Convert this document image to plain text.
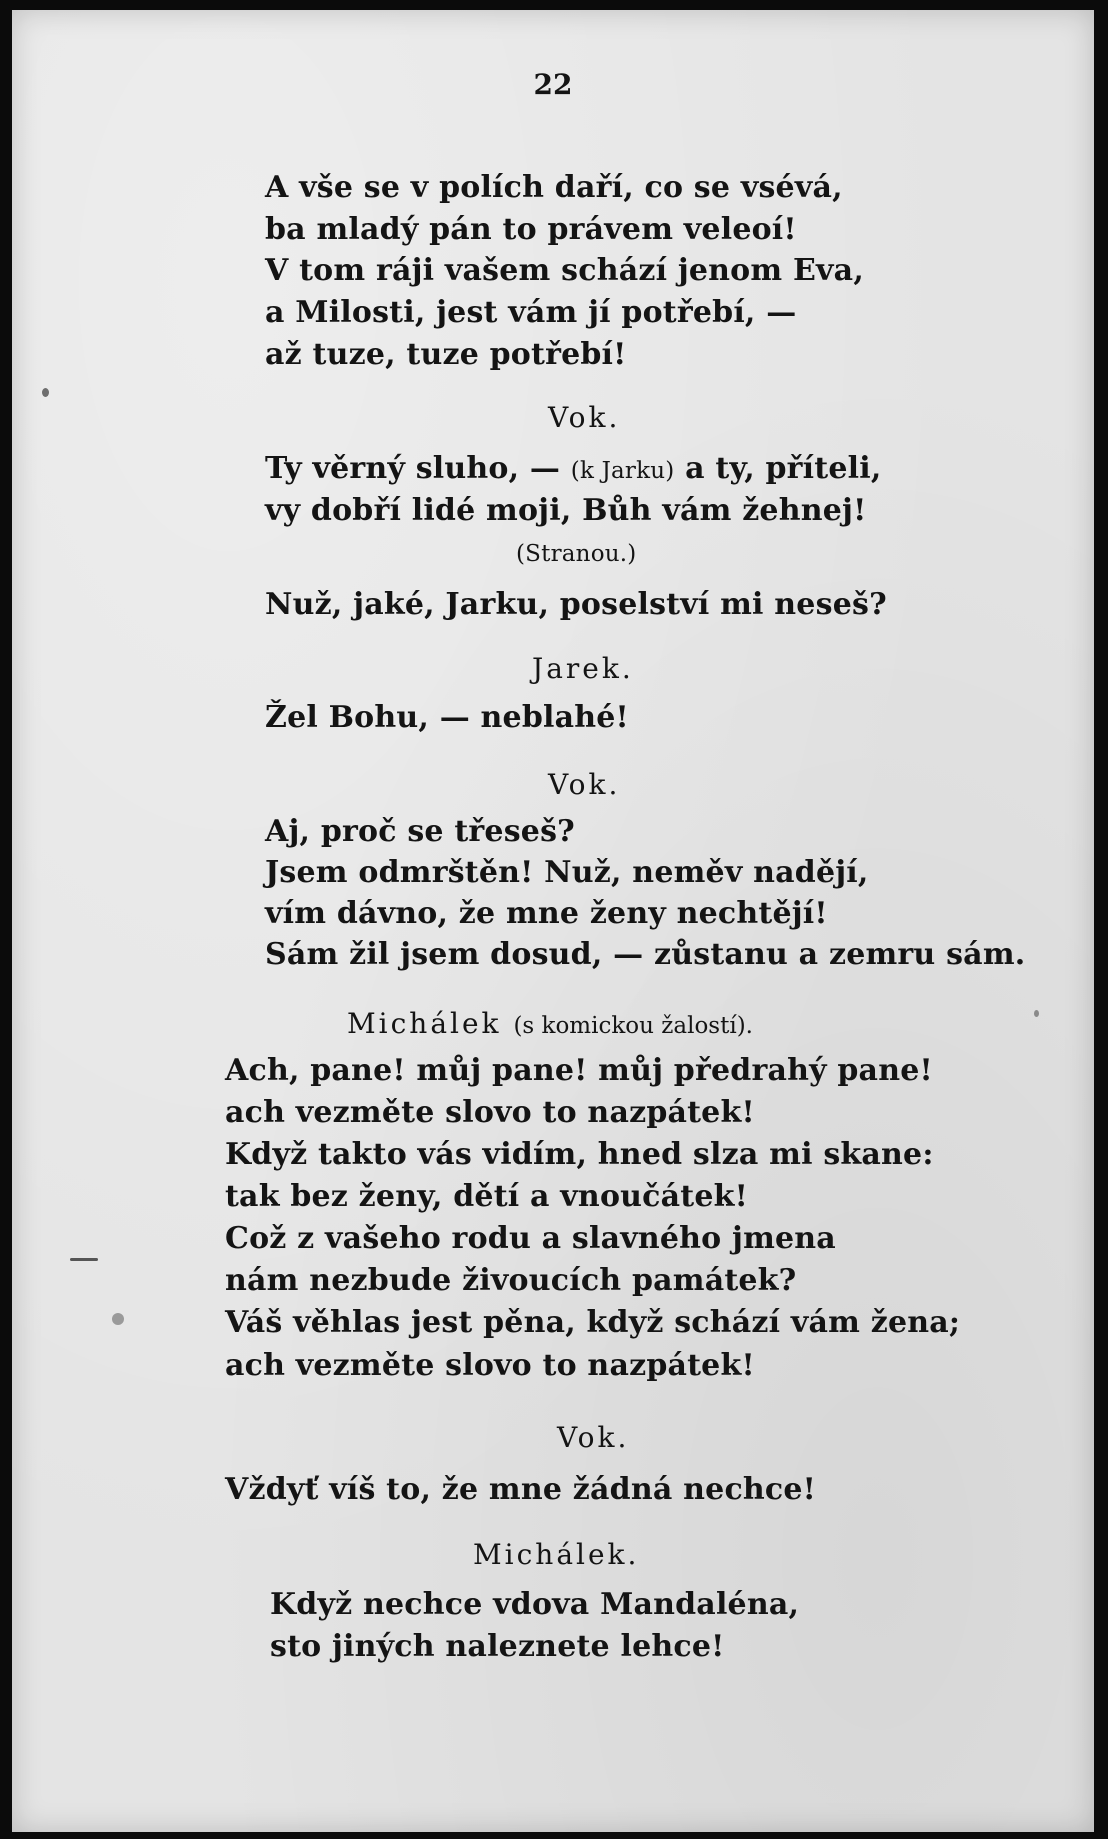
22
A vše se v polích daří, co se vsévá,
ba mladý pán to právem veleoí!
V tom ráji vašem schází jenom Eva,
a Milosti, jest vám jí potřebí, —
až tuze, tuze potřebí!
Vok.
Ty věrný sluho, — (k Jarku) a ty, příteli,
vy dobří lidé moji, Bůh vám žehnej!
(Stranou.)
Nuž, jaké, Jarku, poselství mi neseš?
Jarek.
Žel Bohu, — neblahé!
Vok.
Aj, proč se třeseš?
Jsem odmrštěn! Nuž, neměv nadějí,
vím dávno, že mne ženy nechtějí!
Sám žil jsem dosud, — zůstanu a zemru sám.
Michálek (s komickou žalostí).
Ach, pane! můj pane! můj předrahý pane!
ach vezměte slovo to nazpátek!
Když takto vás vidím, hned slza mi skane:
tak bez ženy, dětí a vnoučátek!
Což z vašeho rodu a slavného jmena
nám nezbude živoucích památek?
Váš věhlas jest pěna, když schází vám žena;
ach vezměte slovo to nazpátek!
Vok.
Vždyť víš to, že mne žádná nechce!
Michálek.
Když nechce vdova Mandaléna,
sto jiných naleznete lehce!
